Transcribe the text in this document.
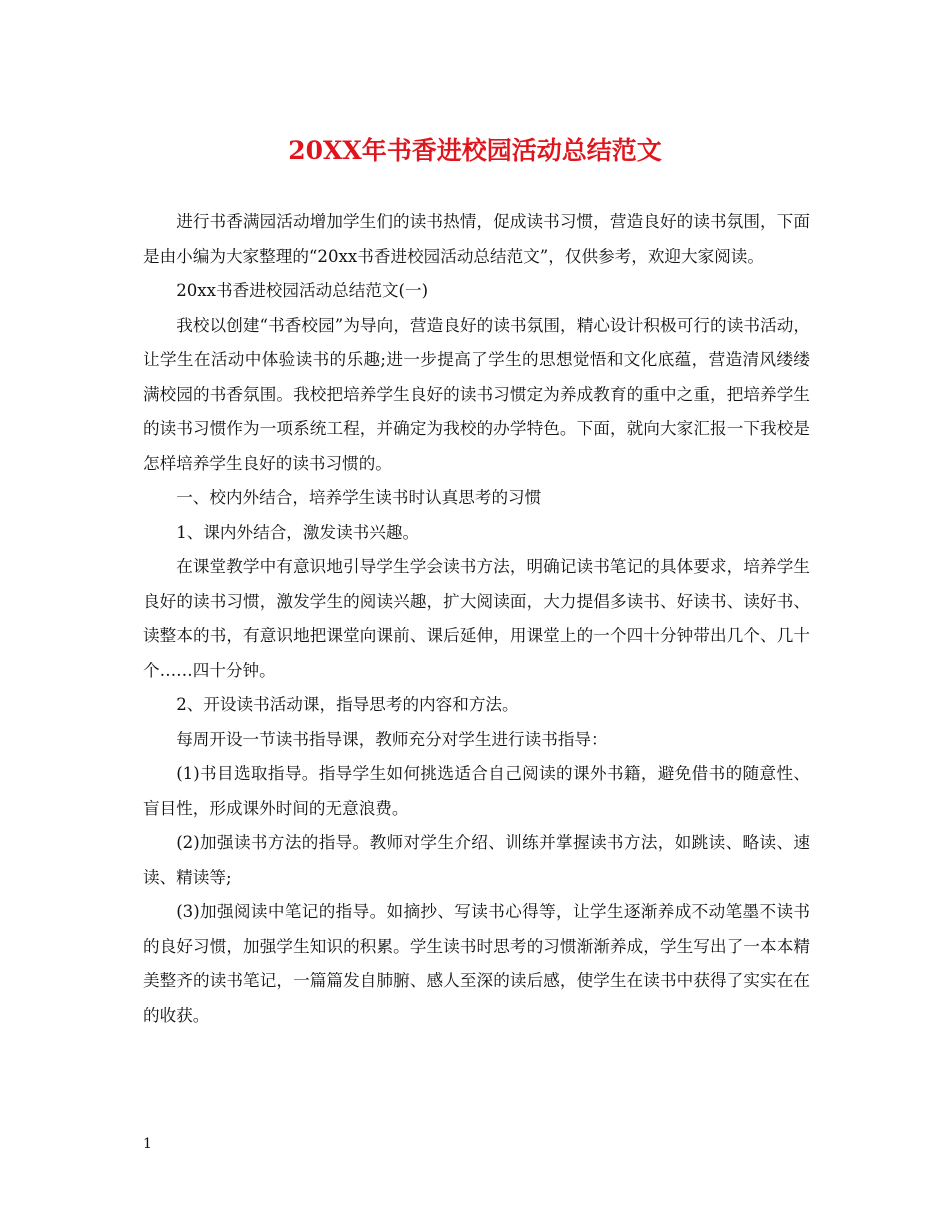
20XX年书香进校园活动总结范文

进行书香满园活动增加学生们的读书热情，促成读书习惯，营造良好的读书氛围，下面是由小编为大家整理的“20xx书香进校园活动总结范文”，仅供参考，欢迎大家阅读。

20xx书香进校园活动总结范文(一)

我校以创建“书香校园”为导向，营造良好的读书氛围，精心设计积极可行的读书活动，让学生在活动中体验读书的乐趣;进一步提高了学生的思想觉悟和文化底蕴，营造清风缕缕满校园的书香氛围。我校把培养学生良好的读书习惯定为养成教育的重中之重，把培养学生的读书习惯作为一项系统工程，并确定为我校的办学特色。下面，就向大家汇报一下我校是怎样培养学生良好的读书习惯的。

一、校内外结合，培养学生读书时认真思考的习惯

1、课内外结合，激发读书兴趣。

在课堂教学中有意识地引导学生学会读书方法，明确记读书笔记的具体要求，培养学生良好的读书习惯，激发学生的阅读兴趣，扩大阅读面，大力提倡多读书、好读书、读好书、读整本的书，有意识地把课堂向课前、课后延伸，用课堂上的一个四十分钟带出几个、几十个……四十分钟。

2、开设读书活动课，指导思考的内容和方法。

每周开设一节读书指导课，教师充分对学生进行读书指导：

(1)书目选取指导。指导学生如何挑选适合自己阅读的课外书籍，避免借书的随意性、盲目性，形成课外时间的无意浪费。

(2)加强读书方法的指导。教师对学生介绍、训练并掌握读书方法，如跳读、略读、速读、精读等;

(3)加强阅读中笔记的指导。如摘抄、写读书心得等，让学生逐渐养成不动笔墨不读书的良好习惯，加强学生知识的积累。学生读书时思考的习惯渐渐养成，学生写出了一本本精美整齐的读书笔记，一篇篇发自肺腑、感人至深的读后感，使学生在读书中获得了实实在在的收获。

1
